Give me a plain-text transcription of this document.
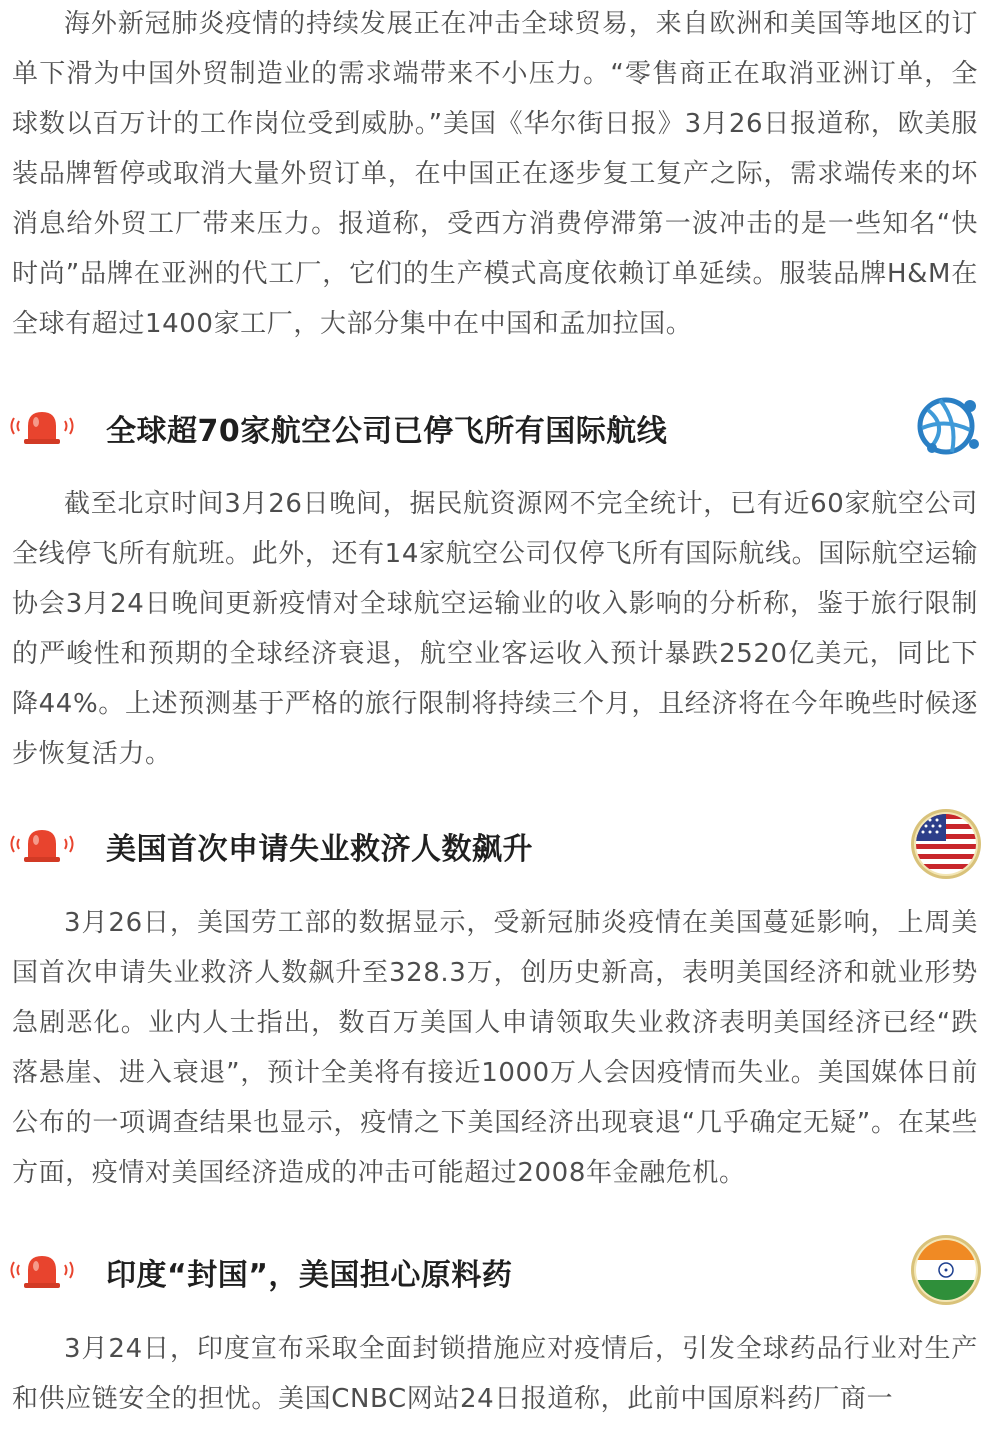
海外新冠肺炎疫情的持续发展正在冲击全球贸易，来自欧洲和美国等地区的订单下滑为中国外贸制造业的需求端带来不小压力。“零售商正在取消亚洲订单，全球数以百万计的工作岗位受到威胁。”美国《华尔街日报》3月26日报道称，欧美服装品牌暂停或取消大量外贸订单，在中国正在逐步复工复产之际，需求端传来的坏消息给外贸工厂带来压力。报道称，受西方消费停滞第一波冲击的是一些知名“快时尚”品牌在亚洲的代工厂，它们的生产模式高度依赖订单延续。服装品牌H&M在全球有超过1400家工厂，大部分集中在中国和孟加拉国。

全球超70家航空公司已停飞所有国际航线

截至北京时间3月26日晚间，据民航资源网不完全统计，已有近60家航空公司全线停飞所有航班。此外，还有14家航空公司仅停飞所有国际航线。国际航空运输协会3月24日晚间更新疫情对全球航空运输业的收入影响的分析称，鉴于旅行限制的严峻性和预期的全球经济衰退，航空业客运收入预计暴跌2520亿美元，同比下降44%。上述预测基于严格的旅行限制将持续三个月，且经济将在今年晚些时候逐步恢复活力。

美国首次申请失业救济人数飙升

3月26日，美国劳工部的数据显示，受新冠肺炎疫情在美国蔓延影响，上周美国首次申请失业救济人数飙升至328.3万，创历史新高，表明美国经济和就业形势急剧恶化。业内人士指出，数百万美国人申请领取失业救济表明美国经济已经“跌落悬崖、进入衰退”，预计全美将有接近1000万人会因疫情而失业。美国媒体日前公布的一项调查结果也显示，疫情之下美国经济出现衰退“几乎确定无疑”。在某些方面，疫情对美国经济造成的冲击可能超过2008年金融危机。

印度“封国”，美国担心原料药

3月24日，印度宣布采取全面封锁措施应对疫情后，引发全球药品行业对生产和供应链安全的担忧。美国CNBC网站24日报道称，此前中国原料药厂商一
